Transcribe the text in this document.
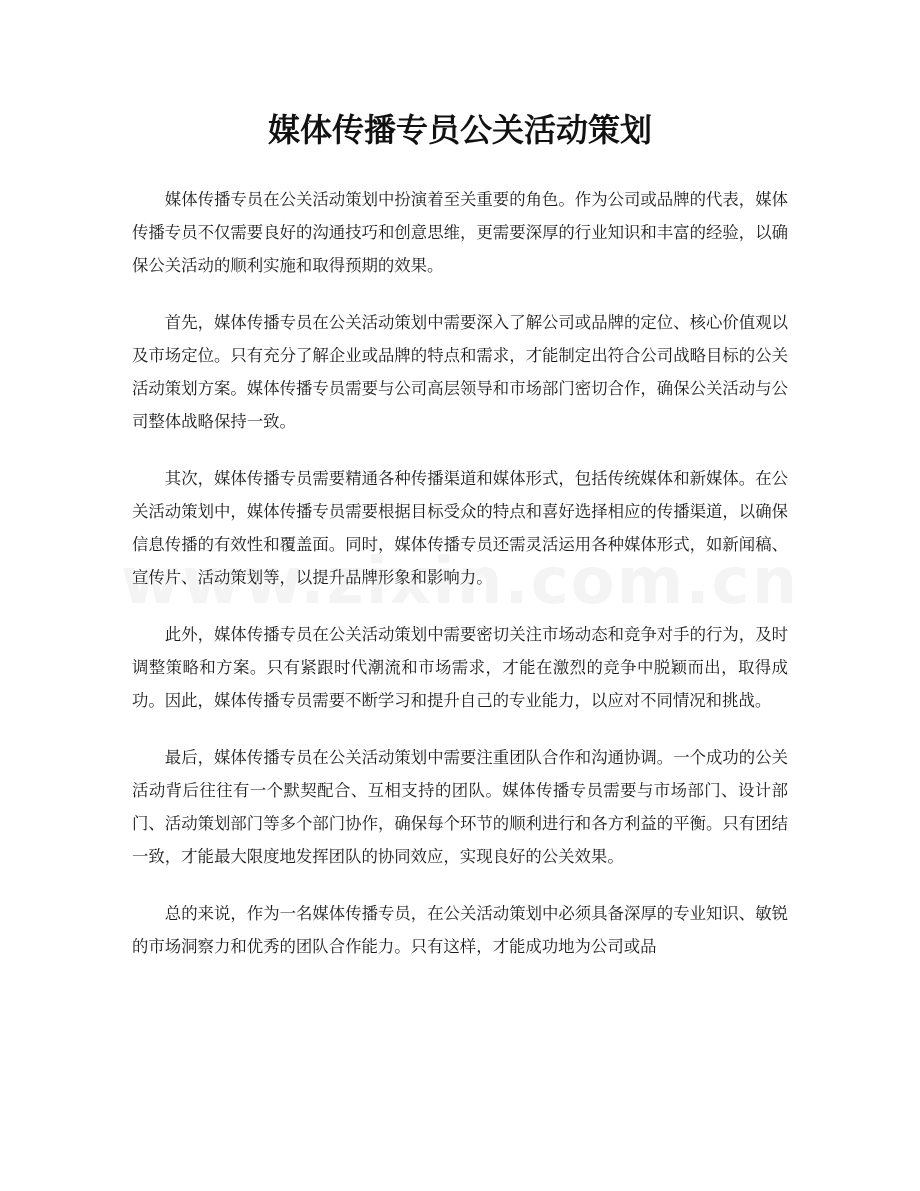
媒体传播专员公关活动策划

媒体传播专员在公关活动策划中扮演着至关重要的角色。作为公司或品牌的代表，媒体传播专员不仅需要良好的沟通技巧和创意思维，更需要深厚的行业知识和丰富的经验，以确保公关活动的顺利实施和取得预期的效果。

首先，媒体传播专员在公关活动策划中需要深入了解公司或品牌的定位、核心价值观以及市场定位。只有充分了解企业或品牌的特点和需求，才能制定出符合公司战略目标的公关活动策划方案。媒体传播专员需要与公司高层领导和市场部门密切合作，确保公关活动与公司整体战略保持一致。

其次，媒体传播专员需要精通各种传播渠道和媒体形式，包括传统媒体和新媒体。在公关活动策划中，媒体传播专员需要根据目标受众的特点和喜好选择相应的传播渠道，以确保信息传播的有效性和覆盖面。同时，媒体传播专员还需灵活运用各种媒体形式，如新闻稿、宣传片、活动策划等，以提升品牌形象和影响力。

此外，媒体传播专员在公关活动策划中需要密切关注市场动态和竞争对手的行为，及时调整策略和方案。只有紧跟时代潮流和市场需求，才能在激烈的竞争中脱颖而出，取得成功。因此，媒体传播专员需要不断学习和提升自己的专业能力，以应对不同情况和挑战。

最后，媒体传播专员在公关活动策划中需要注重团队合作和沟通协调。一个成功的公关活动背后往往有一个默契配合、互相支持的团队。媒体传播专员需要与市场部门、设计部门、活动策划部门等多个部门协作，确保每个环节的顺利进行和各方利益的平衡。只有团结一致，才能最大限度地发挥团队的协同效应，实现良好的公关效果。

总的来说，作为一名媒体传播专员，在公关活动策划中必须具备深厚的专业知识、敏锐的市场洞察力和优秀的团队合作能力。只有这样，才能成功地为公司或品
